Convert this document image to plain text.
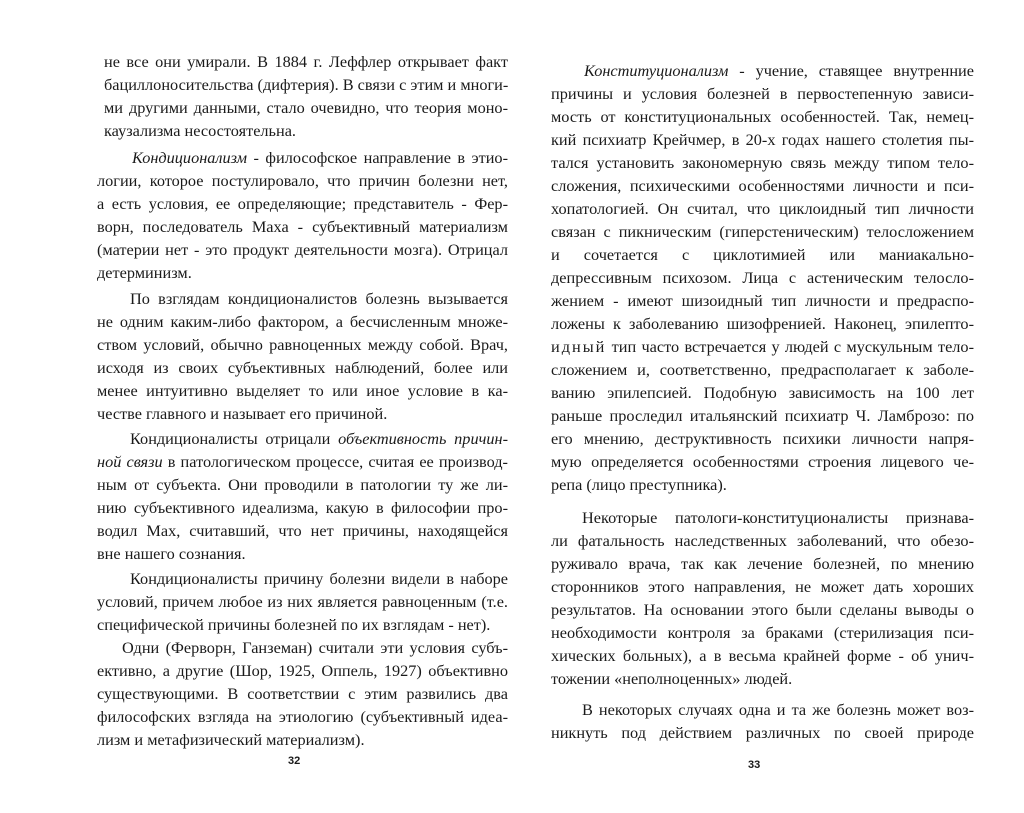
не все они умирали. В 1884 г. Леффлер открывает факт
бациллоносительства (дифтерия). В связи с этим и многи-
ми другими данными, стало очевидно, что теория моно-
каузализма несостоятельна.
Кондиционализм - философское направление в этио-
логии, которое постулировало, что причин болезни нет,
а есть условия, ее определяющие; представитель - Фер-
ворн, последователь Маха - субъективный материализм
(материи нет - это продукт деятельности мозга). Отрицал
детерминизм.
По взглядам кондиционалистов болезнь вызывается
не одним каким-либо фактором, а бесчисленным множе-
ством условий, обычно равноценных между собой. Врач,
исходя из своих субъективных наблюдений, более или
менее интуитивно выделяет то или иное условие в ка-
честве главного и называет его причиной.
Кондиционалисты отрицали объективность причин-
ной связи в патологическом процессе, считая ее производ-
ным от субъекта. Они проводили в патологии ту же ли-
нию субъективного идеализма, какую в философии про-
водил Мах, считавший, что нет причины, находящейся
вне нашего сознания.
Кондиционалисты причину болезни видели в наборе
условий, причем любое из них является равноценным (т.е.
специфической причины болезней по их взглядам - нет).
Одни (Ферворн, Ганземан) считали эти условия субъ-
ективно, а другие (Шор, 1925, Оппель, 1927) объективно
существующими. В соответствии с этим развились два
философских взгляда на этиологию (субъективный идеа-
лизм и метафизический материализм).
32
Конституционализм - учение, ставящее внутренние
причины и условия болезней в первостепенную зависи-
мость от конституциональных особенностей. Так, немец-
кий психиатр Крейчмер, в 20-х годах нашего столетия пы-
тался установить закономерную связь между типом тело-
сложения, психическими особенностями личности и пси-
хопатологией. Он считал, что циклоидный тип личности
связан с пикническим (гиперстеническим) телосложением
и сочетается с циклотимией или маниакально-
депрессивным психозом. Лица с астеническим телосло-
жением - имеют шизоидный тип личности и предраспо-
ложены к заболеванию шизофренией. Наконец, эпилепто-
идный тип часто встречается у людей с мускульным тело-
сложением и, соответственно, предрасполагает к заболе-
ванию эпилепсией. Подобную зависимость на 100 лет
раньше проследил итальянский психиатр Ч. Ламброзо: по
его мнению, деструктивность психики личности напря-
мую определяется особенностями строения лицевого че-
репа (лицо преступника).
Некоторые патологи-конституционалисты признава-
ли фатальность наследственных заболеваний, что обезо-
руживало врача, так как лечение болезней, по мнению
сторонников этого направления, не может дать хороших
результатов. На основании этого были сделаны выводы о
необходимости контроля за браками (стерилизация пси-
хических больных), а в весьма крайней форме - об унич-
тожении «неполноценных» людей.
В некоторых случаях одна и та же болезнь может воз-
никнуть под действием различных по своей природе
33
